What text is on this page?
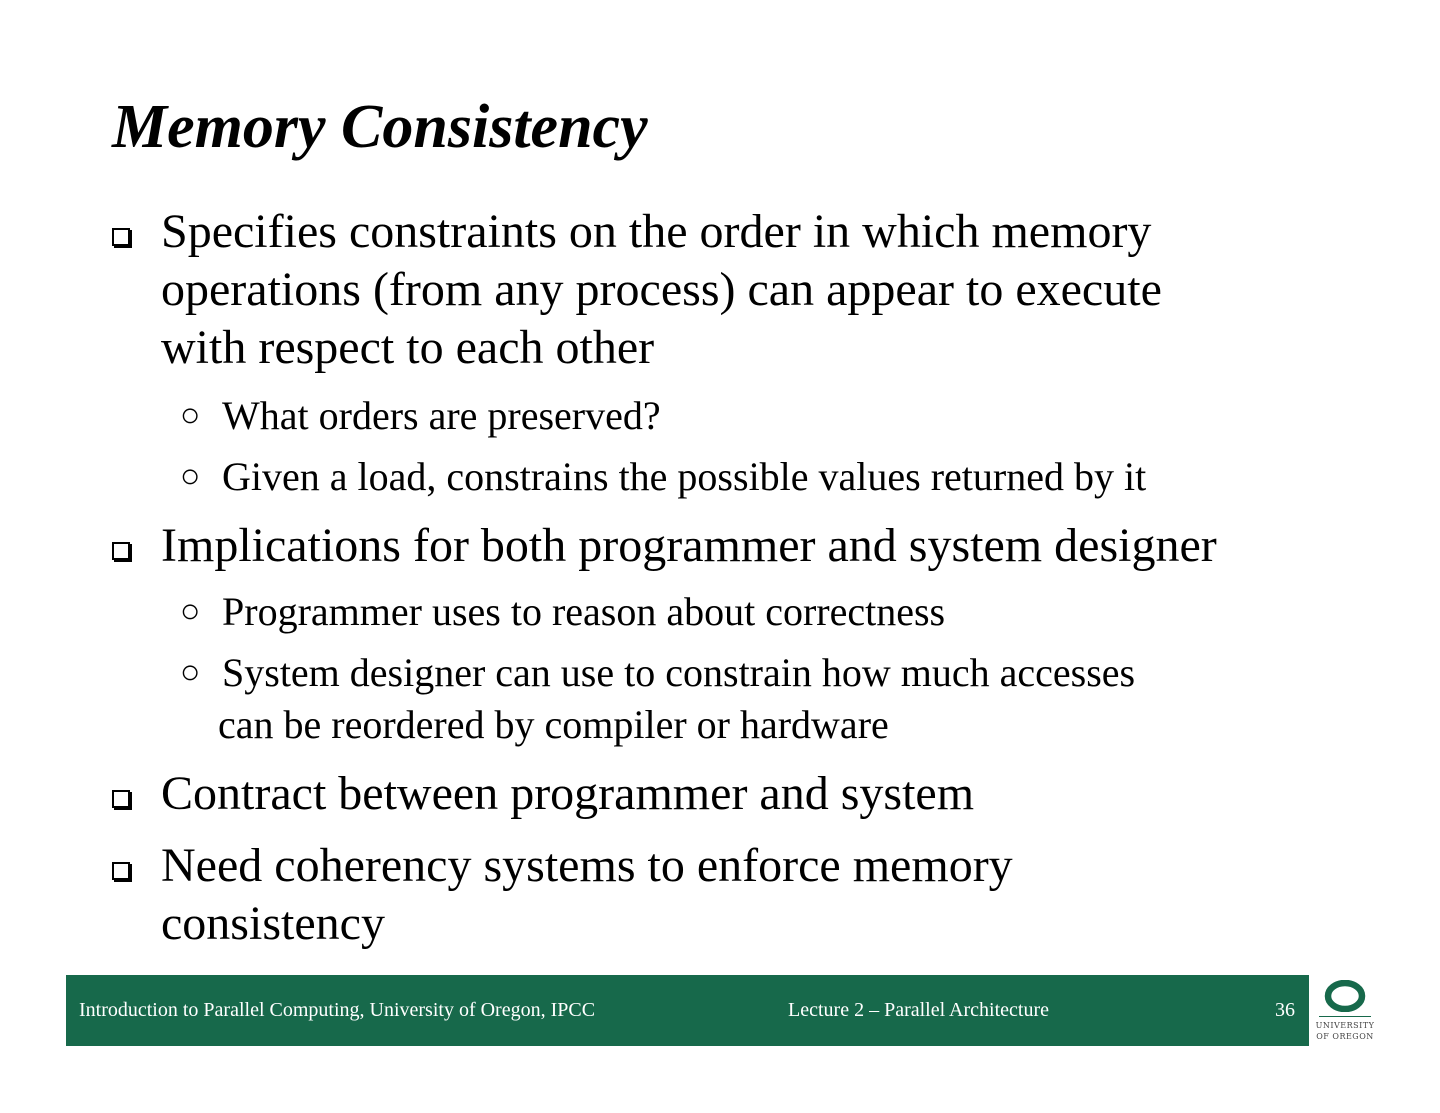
Memory Consistency
Specifies constraints on the order in which memory
operations (from any process) can appear to execute
with respect to each other
○ What orders are preserved?
○ Given a load, constrains the possible values returned by it
Implications for both programmer and system designer
○ Programmer uses to reason about correctness
○ System designer can use to constrain how much accesses
can be reordered by compiler or hardware
Contract between programmer and system
Need coherency systems to enforce memory
consistency
Introduction to Parallel Computing, University of Oregon, IPCC	Lecture 2 – Parallel Architecture	36
UNIVERSITY
OF OREGON
